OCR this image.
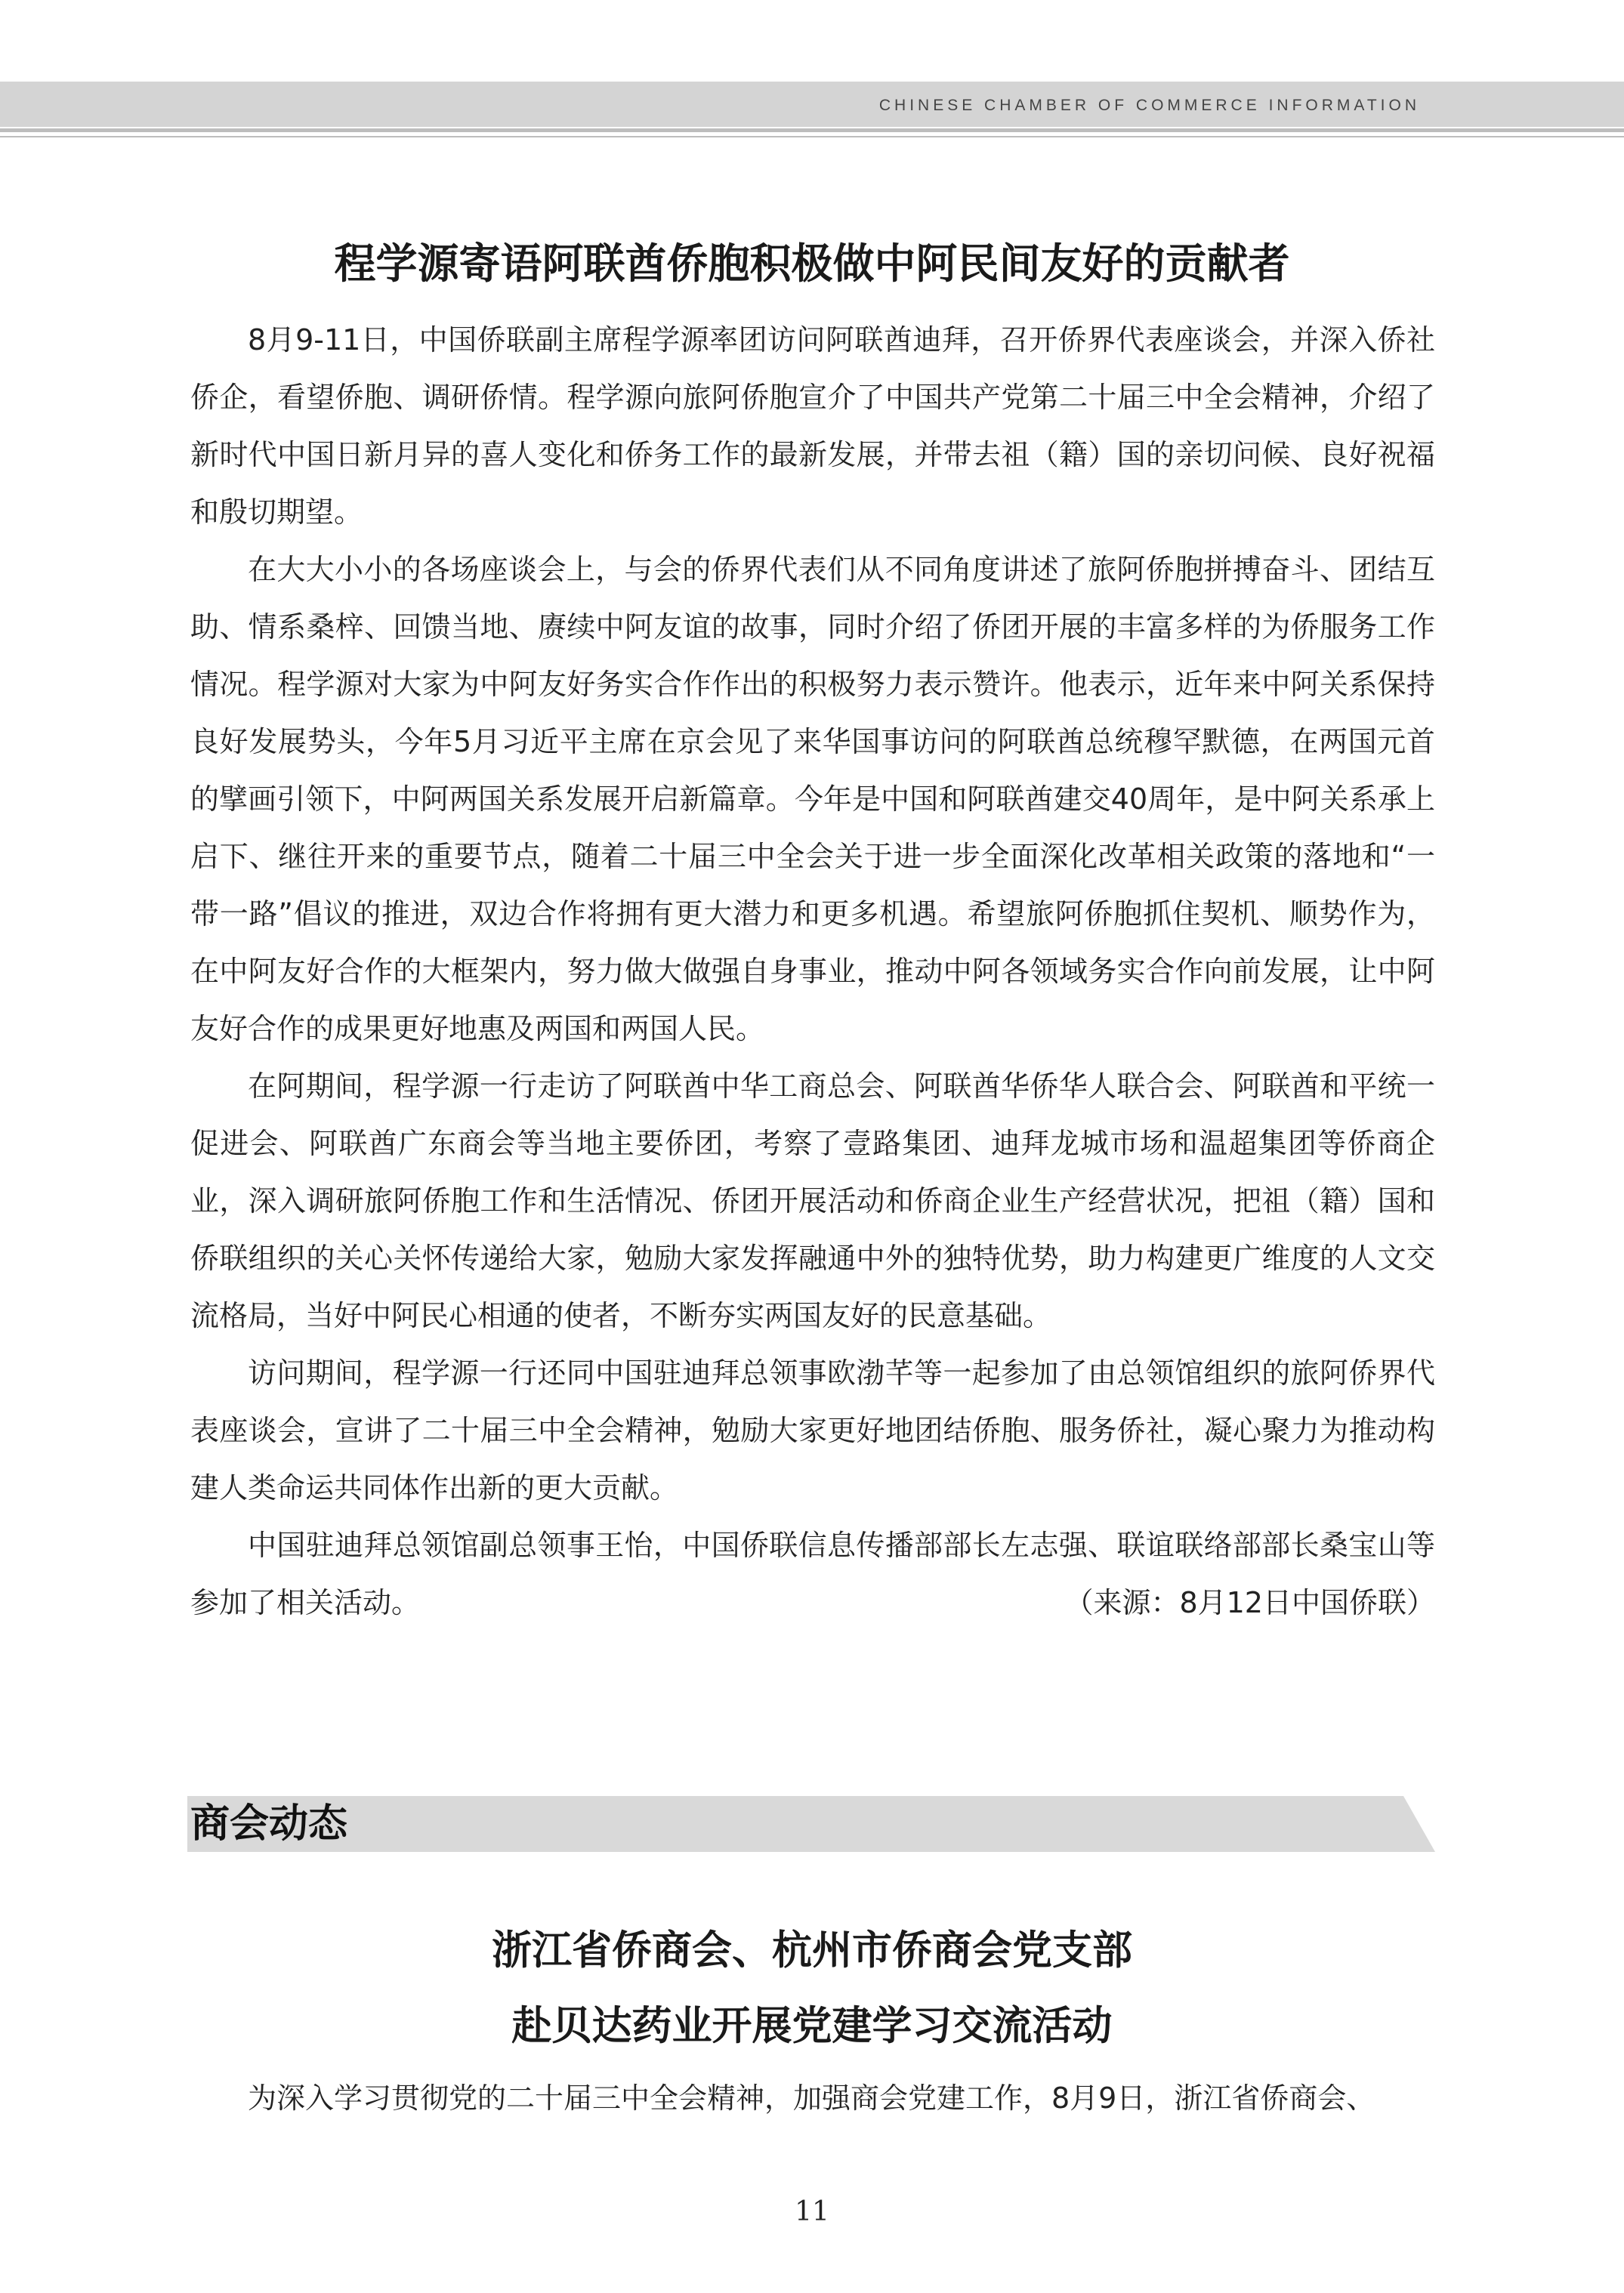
CHINESE CHAMBER OF COMMERCE INFORMATION
程学源寄语阿联酋侨胞积极做中阿民间友好的贡献者

8月9-11日，中国侨联副主席程学源率团访问阿联酋迪拜，召开侨界代表座谈会，并深入侨社侨企，看望侨胞、调研侨情。程学源向旅阿侨胞宣介了中国共产党第二十届三中全会精神，介绍了新时代中国日新月异的喜人变化和侨务工作的最新发展，并带去祖（籍）国的亲切问候、良好祝福和殷切期望。

在大大小小的各场座谈会上，与会的侨界代表们从不同角度讲述了旅阿侨胞拼搏奋斗、团结互助、情系桑梓、回馈当地、赓续中阿友谊的故事，同时介绍了侨团开展的丰富多样的为侨服务工作情况。程学源对大家为中阿友好务实合作作出的积极努力表示赞许。他表示，近年来中阿关系保持良好发展势头，今年5月习近平主席在京会见了来华国事访问的阿联酋总统穆罕默德，在两国元首的擘画引领下，中阿两国关系发展开启新篇章。今年是中国和阿联酋建交40周年，是中阿关系承上启下、继往开来的重要节点，随着二十届三中全会关于进一步全面深化改革相关政策的落地和“一带一路”倡议的推进，双边合作将拥有更大潜力和更多机遇。希望旅阿侨胞抓住契机、顺势作为，在中阿友好合作的大框架内，努力做大做强自身事业，推动中阿各领域务实合作向前发展，让中阿友好合作的成果更好地惠及两国和两国人民。

在阿期间，程学源一行走访了阿联酋中华工商总会、阿联酋华侨华人联合会、阿联酋和平统一促进会、阿联酋广东商会等当地主要侨团，考察了壹路集团、迪拜龙城市场和温超集团等侨商企业，深入调研旅阿侨胞工作和生活情况、侨团开展活动和侨商企业生产经营状况，把祖（籍）国和侨联组织的关心关怀传递给大家，勉励大家发挥融通中外的独特优势，助力构建更广维度的人文交流格局，当好中阿民心相通的使者，不断夯实两国友好的民意基础。

访问期间，程学源一行还同中国驻迪拜总领事欧渤芊等一起参加了由总领馆组织的旅阿侨界代表座谈会，宣讲了二十届三中全会精神，勉励大家更好地团结侨胞、服务侨社，凝心聚力为推动构建人类命运共同体作出新的更大贡献。

中国驻迪拜总领馆副总领事王怡，中国侨联信息传播部部长左志强、联谊联络部部长桑宝山等参加了相关活动。	（来源：8月12日中国侨联）

商会动态
浙江省侨商会、杭州市侨商会党支部
赴贝达药业开展党建学习交流活动

为深入学习贯彻党的二十届三中全会精神，加强商会党建工作，8月9日，浙江省侨商会、

11
